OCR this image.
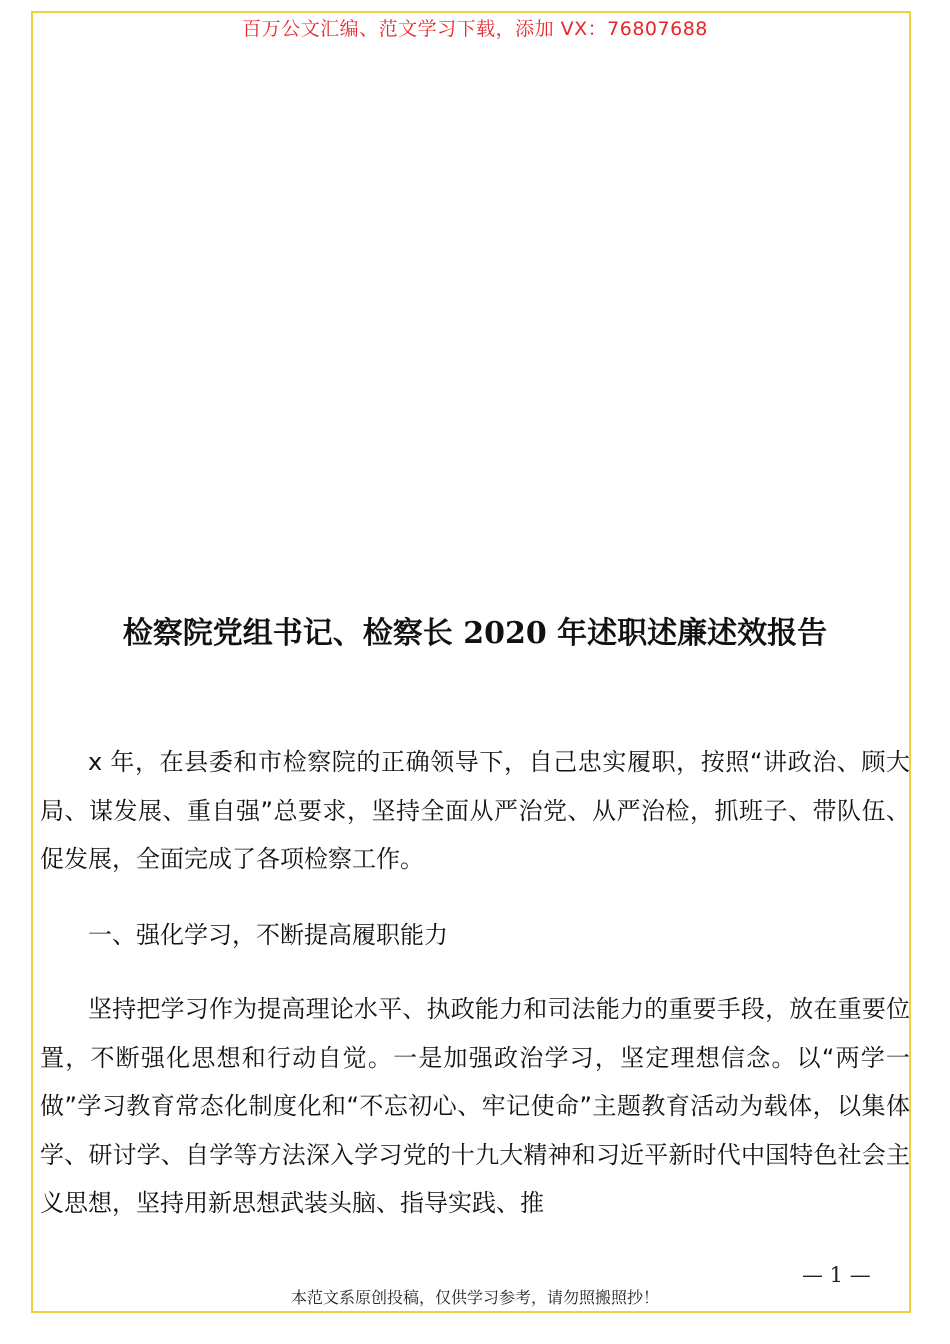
百万公文汇编、范文学习下载，添加 VX：76807688
检察院党组书记、检察长 2020 年述职述廉述效报告

x 年，在县委和市检察院的正确领导下，自己忠实履职，按照“讲政治、顾大局、谋发展、重自强”总要求，坚持全面从严治党、从严治检，抓班子、带队伍、促发展，全面完成了各项检察工作。

一、强化学习，不断提高履职能力

坚持把学习作为提高理论水平、执政能力和司法能力的重要手段，放在重要位置，不断强化思想和行动自觉。一是加强政治学习，坚定理想信念。以“两学一做”学习教育常态化制度化和“不忘初心、牢记使命”主题教育活动为载体，以集体学、研讨学、自学等方法深入学习党的十九大精神和习近平新时代中国特色社会主义思想，坚持用新思想武装头脑、指导实践、推

— 1 —
本范文系原创投稿，仅供学习参考，请勿照搬照抄！
